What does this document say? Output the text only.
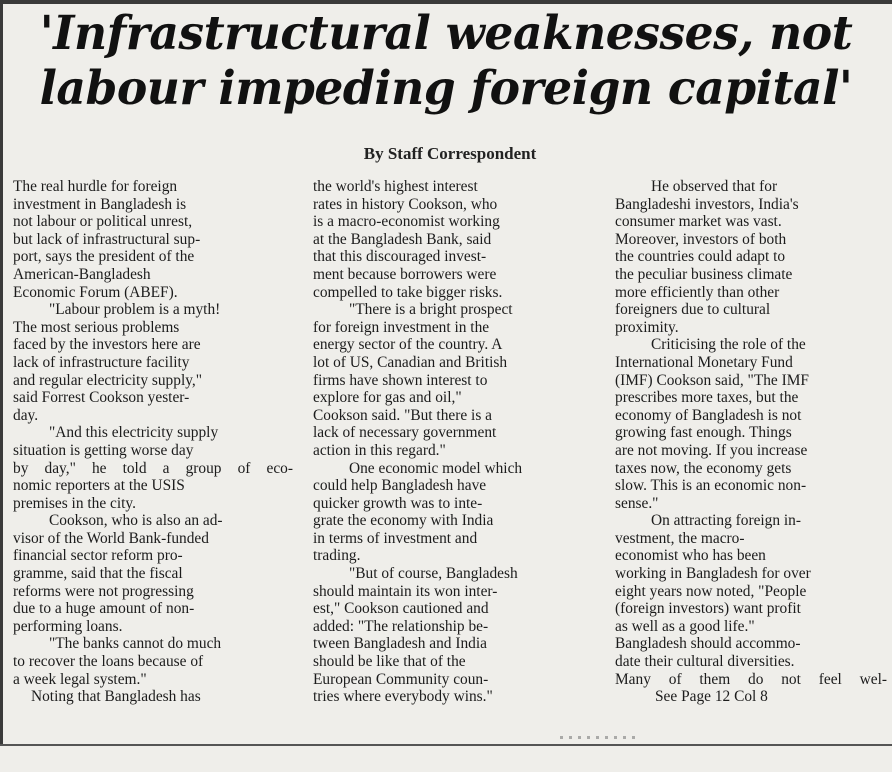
'Infrastructural weaknesses, not
labour impeding foreign capital'
By Staff Correspondent
The real hurdle for foreign
investment in Bangladesh is
not labour or political unrest,
but lack of infrastructural sup-
port, says the president of the
American-Bangladesh
Economic Forum (ABEF).
"Labour problem is a myth!
The most serious problems
faced by the investors here are
lack of infrastructure facility
and regular electricity supply,"
said Forrest Cookson yester-
day.
"And this electricity supply
situation is getting worse day
by day," he told a group of eco-
nomic reporters at the USIS
premises in the city.
Cookson, who is also an ad-
visor of the World Bank-funded
financial sector reform pro-
gramme, said that the fiscal
reforms were not progressing
due to a huge amount of non-
performing loans.
"The banks cannot do much
to recover the loans because of
a week legal system."
Noting that Bangladesh has
the world's highest interest
rates in history Cookson, who
is a macro-economist working
at the Bangladesh Bank, said
that this discouraged invest-
ment because borrowers were
compelled to take bigger risks.
"There is a bright prospect
for foreign investment in the
energy sector of the country. A
lot of US, Canadian and British
firms have shown interest to
explore for gas and oil,"
Cookson said. "But there is a
lack of necessary government
action in this regard."
One economic model which
could help Bangladesh have
quicker growth was to inte-
grate the economy with India
in terms of investment and
trading.
"But of course, Bangladesh
should maintain its won inter-
est," Cookson cautioned and
added: "The relationship be-
tween Bangladesh and India
should be like that of the
European Community coun-
tries where everybody wins."
He observed that for
Bangladeshi investors, India's
consumer market was vast.
Moreover, investors of both
the countries could adapt to
the peculiar business climate
more efficiently than other
foreigners due to cultural
proximity.
Criticising the role of the
International Monetary Fund
(IMF) Cookson said, "The IMF
prescribes more taxes, but the
economy of Bangladesh is not
growing fast enough. Things
are not moving. If you increase
taxes now, the economy gets
slow. This is an economic non-
sense."
On attracting foreign in-
vestment, the macro-
economist who has been
working in Bangladesh for over
eight years now noted, "People
(foreign investors) want profit
as well as a good life."
Bangladesh should accommo-
date their cultural diversities.
Many of them do not feel wel-
See Page 12 Col 8
